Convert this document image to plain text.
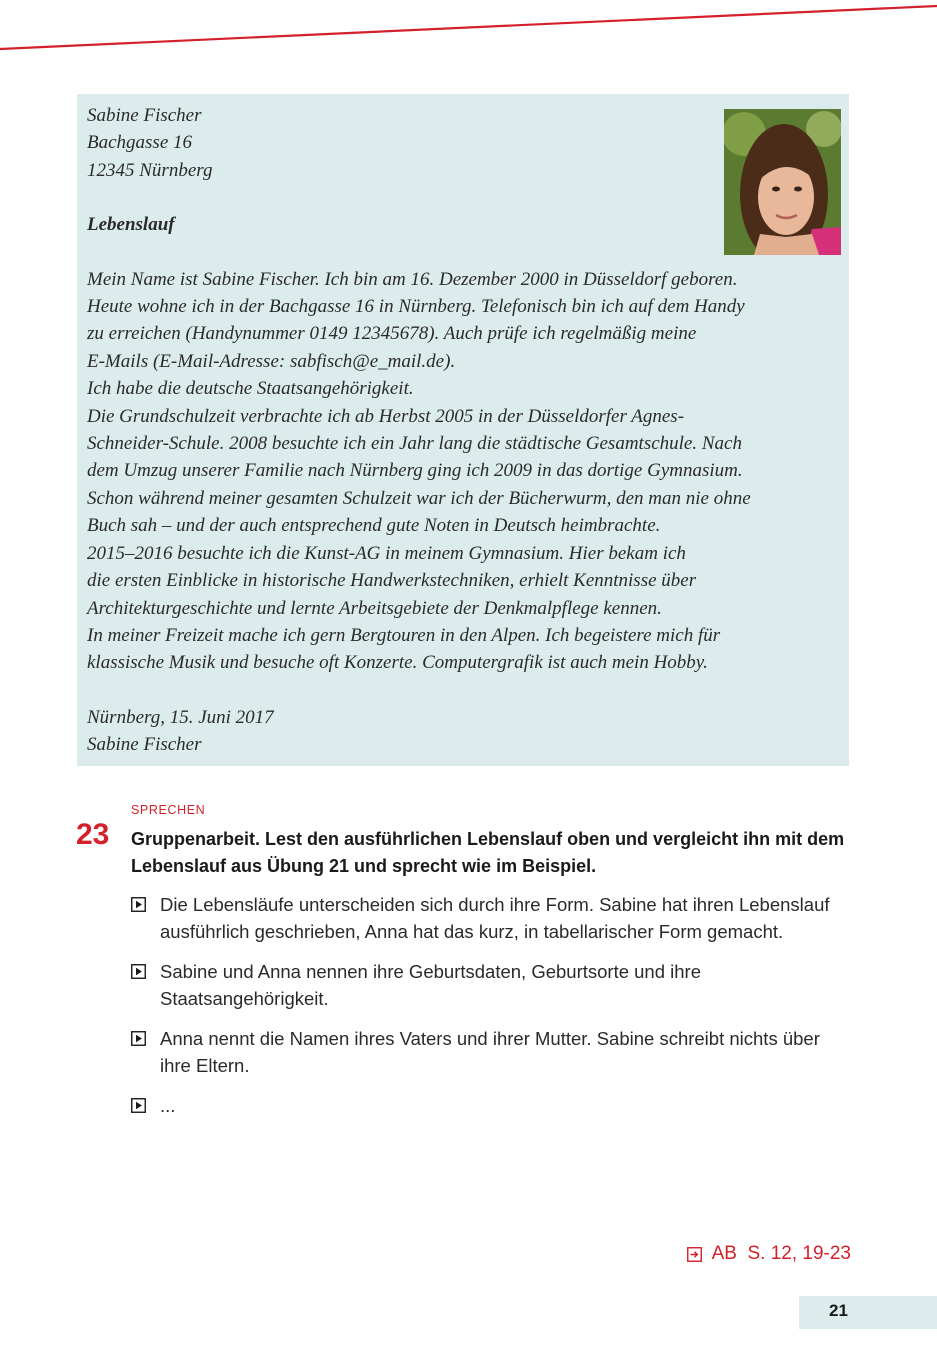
Sabine Fischer

Bachgasse 16

12345 Nürnberg

Lebenslauf

Mein Name ist Sabine Fischer. Ich bin am 16. Dezember 2000 in Düsseldorf geboren.

Heute wohne ich in der Bachgasse 16 in Nürnberg. Telefonisch bin ich auf dem Handy

zu erreichen (Handynummer 0149 12345678). Auch prüfe ich regelmäßig meine

E-Mails (E-Mail-Adresse: sabfisch@e_mail.de).

Ich habe die deutsche Staatsangehörigkeit.

Die Grundschulzeit verbrachte ich ab Herbst 2005 in der Düsseldorfer Agnes-

Schneider-Schule. 2008 besuchte ich ein Jahr lang die städtische Gesamtschule. Nach

dem Umzug unserer Familie nach Nürnberg ging ich 2009 in das dortige Gymnasium.

Schon während meiner gesamten Schulzeit war ich der Bücherwurm, den man nie ohne

Buch sah – und der auch entsprechend gute Noten in Deutsch heimbrachte.

2015–2016 besuchte ich die Kunst-AG in meinem Gymnasium. Hier bekam ich

die ersten Einblicke in historische Handwerkstechniken, erhielt Kenntnisse über

Architekturgeschichte und lernte Arbeitsgebiete der Denkmalpflege kennen.

In meiner Freizeit mache ich gern Bergtouren in den Alpen. Ich begeistere mich für

klassische Musik und besuche oft Konzerte. Computergrafik ist auch mein Hobby.

Nürnberg, 15. Juni 2017

Sabine Fischer

SPRECHEN
23 Gruppenarbeit. Lest den ausführlichen Lebenslauf oben und vergleicht ihn mit dem Lebenslauf aus Übung 21 und sprecht wie im Beispiel.
Die Lebensläufe unterscheiden sich durch ihre Form. Sabine hat ihren Lebenslauf ausführlich geschrieben, Anna hat das kurz, in tabellarischer Form gemacht.
Sabine und Anna nennen ihre Geburtsdaten, Geburtsorte und ihre Staatsangehörigkeit.
Anna nennt die Namen ihres Vaters und ihrer Mutter. Sabine schreibt nichts über ihre Eltern.
...
AB  S. 12, 19-23
21
